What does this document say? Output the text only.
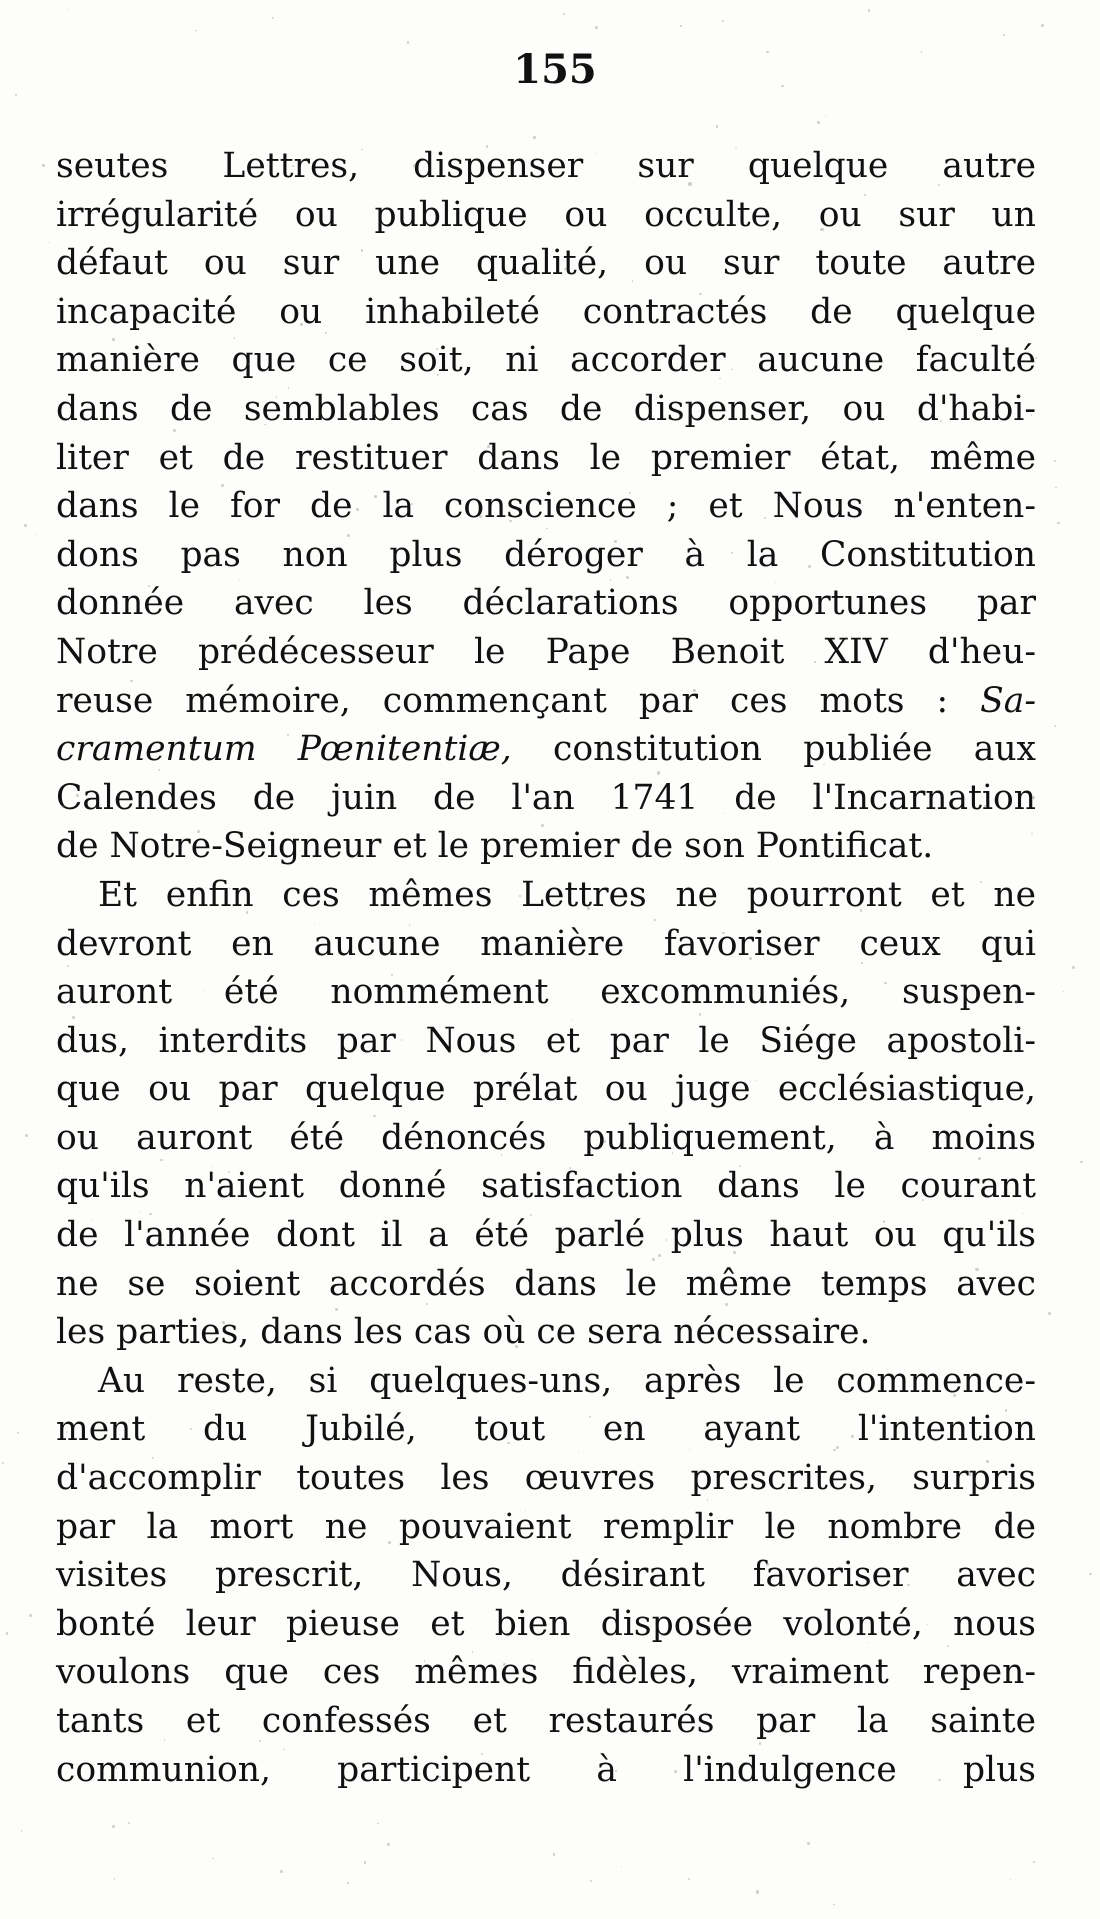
155
seutes Lettres, dispenser sur quelque autre
irrégularité ou publique ou occulte, ou sur un
défaut ou sur une qualité, ou sur toute autre
incapacité ou inhabileté contractés de quelque
manière que ce soit, ni accorder aucune faculté
dans de semblables cas de dispenser, ou d'habi-
liter et de restituer dans le premier état, même
dans le for de la conscience ; et Nous n'enten-
dons pas non plus déroger à la Constitution
donnée avec les déclarations opportunes par
Notre prédécesseur le Pape Benoit XIV d'heu-
reuse mémoire, commençant par ces mots : Sa-
cramentum Pœnitentiæ, constitution publiée aux
Calendes de juin de l'an 1741 de l'Incarnation
de Notre-Seigneur et le premier de son Pontificat.
Et enfin ces mêmes Lettres ne pourront et ne
devront en aucune manière favoriser ceux qui
auront été nommément excommuniés, suspen-
dus, interdits par Nous et par le Siége apostoli-
que ou par quelque prélat ou juge ecclésiastique,
ou auront été dénoncés publiquement, à moins
qu'ils n'aient donné satisfaction dans le courant
de l'année dont il a été parlé plus haut ou qu'ils
ne se soient accordés dans le même temps avec
les parties, dans les cas où ce sera nécessaire.
Au reste, si quelques-uns, après le commence-
ment du Jubilé, tout en ayant l'intention
d'accomplir toutes les œuvres prescrites, surpris
par la mort ne pouvaient remplir le nombre de
visites prescrit, Nous, désirant favoriser avec
bonté leur pieuse et bien disposée volonté, nous
voulons que ces mêmes fidèles, vraiment repen-
tants et confessés et restaurés par la sainte
communion, participent à l'indulgence plus
